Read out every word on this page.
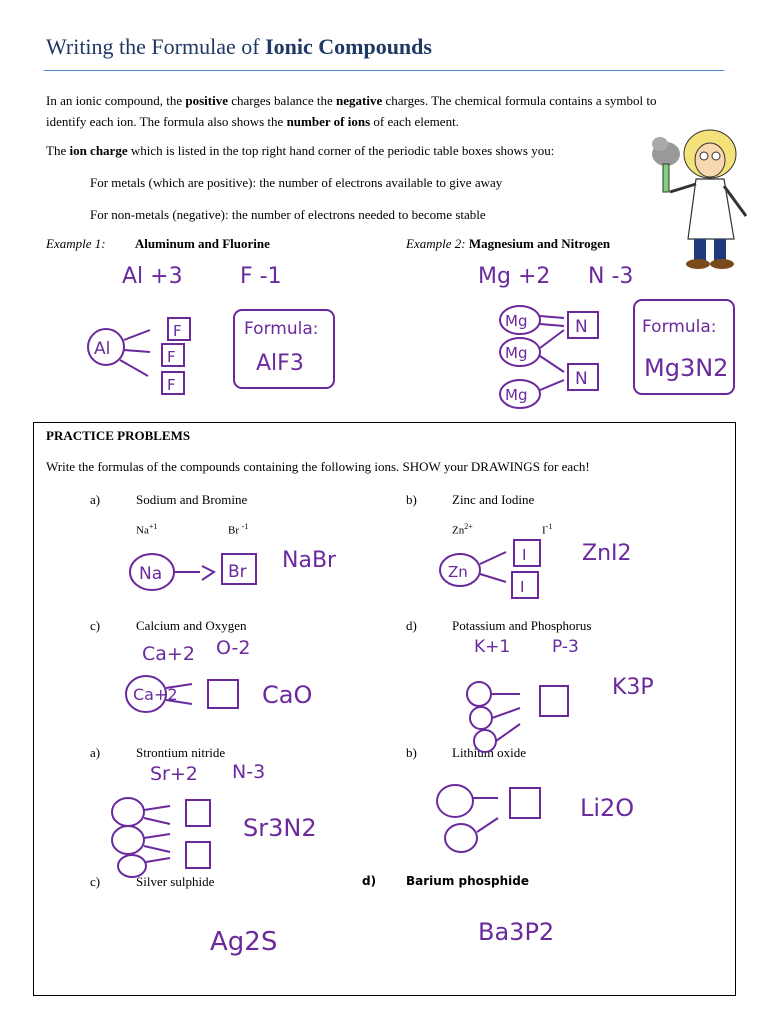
Writing the Formulae of Ionic Compounds
In an ionic compound, the positive charges balance the negative charges. The chemical formula contains a symbol to
identify each ion. The formula also shows the number of ions of each element.
The ion charge which is listed in the top right hand corner of the periodic table boxes shows you:
For metals (which are positive): the number of electrons available to give away
For non-metals (negative): the number of electrons needed to become stable
Example 1: Aluminum and Fluorine	Example 2: Magnesium and Nitrogen
Al +3	F -1
Al
F
F
F
Formula:
AlF3
Mg +2 N -3
Mg
Mg
Mg
N
N
Formula:
Mg3N2
PRACTICE PROBLEMS
Write the formulas of the compounds containing the following ions. SHOW your DRAWINGS for each!
a)	Sodium and Bromine
$Na^{+1}$	Br $^{-1}$
b)	Zinc and Iodine
$Zn^{2+}$	$I^{-1}$
c)	Calcium and Oxygen	d)	Potassium and Phosphorus
a)	Strontium nitride	b)	Lithium oxide
c)	Silver sulphide	d) Barium phosphide
Na	Br NaBr	Zn
I
I
ZnI2
Ca+2 O-2
Ca+2	CaO
K+1 P-3
K3P
Sr+2 N-3
Sr3N2
Li2O
Ag2S	Ba3P2
